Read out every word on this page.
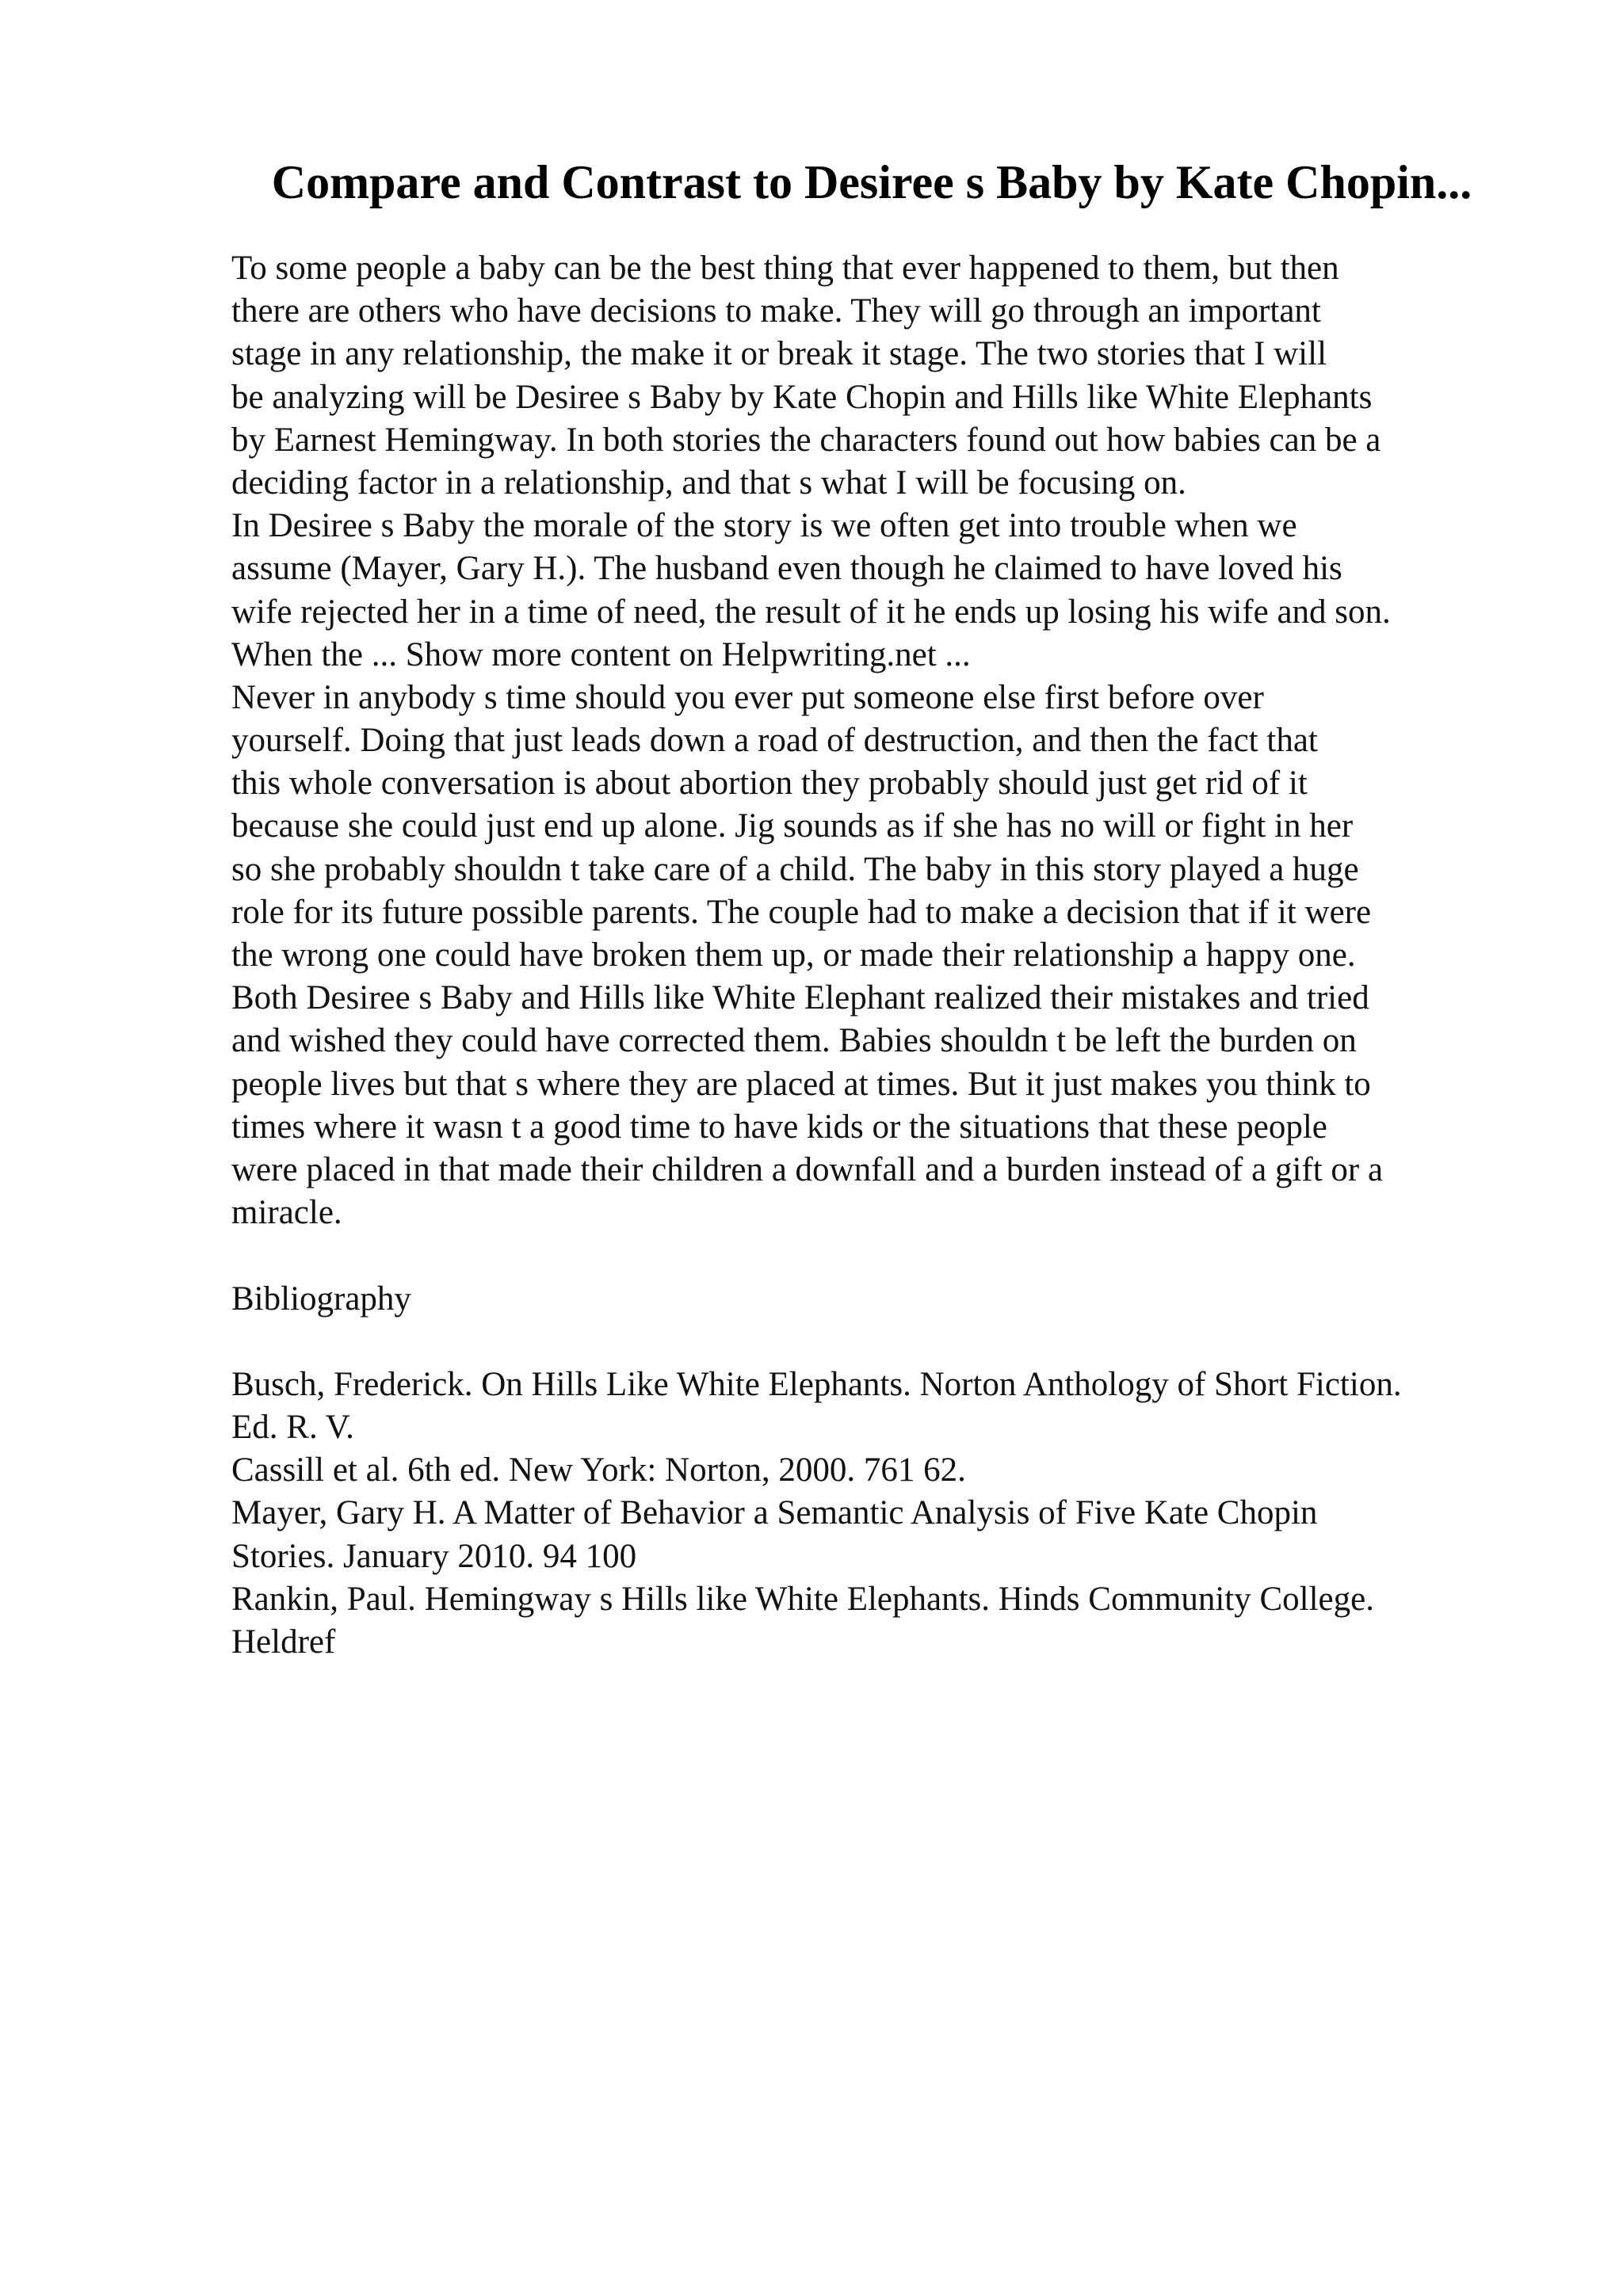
Compare and Contrast to Desiree s Baby by Kate Chopin...
To some people a baby can be the best thing that ever happened to them, but then
there are others who have decisions to make. They will go through an important
stage in any relationship, the make it or break it stage. The two stories that I will
be analyzing will be Desiree s Baby by Kate Chopin and Hills like White Elephants
by Earnest Hemingway. In both stories the characters found out how babies can be a
deciding factor in a relationship, and that s what I will be focusing on.
In Desiree s Baby the morale of the story is we often get into trouble when we
assume (Mayer, Gary H.). The husband even though he claimed to have loved his
wife rejected her in a time of need, the result of it he ends up losing his wife and son.
When the ... Show more content on Helpwriting.net ...
Never in anybody s time should you ever put someone else first before over
yourself. Doing that just leads down a road of destruction, and then the fact that
this whole conversation is about abortion they probably should just get rid of it
because she could just end up alone. Jig sounds as if she has no will or fight in her
so she probably shouldn t take care of a child. The baby in this story played a huge
role for its future possible parents. The couple had to make a decision that if it were
the wrong one could have broken them up, or made their relationship a happy one.
Both Desiree s Baby and Hills like White Elephant realized their mistakes and tried
and wished they could have corrected them. Babies shouldn t be left the burden on
people lives but that s where they are placed at times. But it just makes you think to
times where it wasn t a good time to have kids or the situations that these people
were placed in that made their children a downfall and a burden instead of a gift or a
miracle.
Bibliography
Busch, Frederick. On Hills Like White Elephants. Norton Anthology of Short Fiction.
Ed. R. V.
Cassill et al. 6th ed. New York: Norton, 2000. 761 62.
Mayer, Gary H. A Matter of Behavior a Semantic Analysis of Five Kate Chopin
Stories. January 2010. 94 100
Rankin, Paul. Hemingway s Hills like White Elephants. Hinds Community College.
Heldref
